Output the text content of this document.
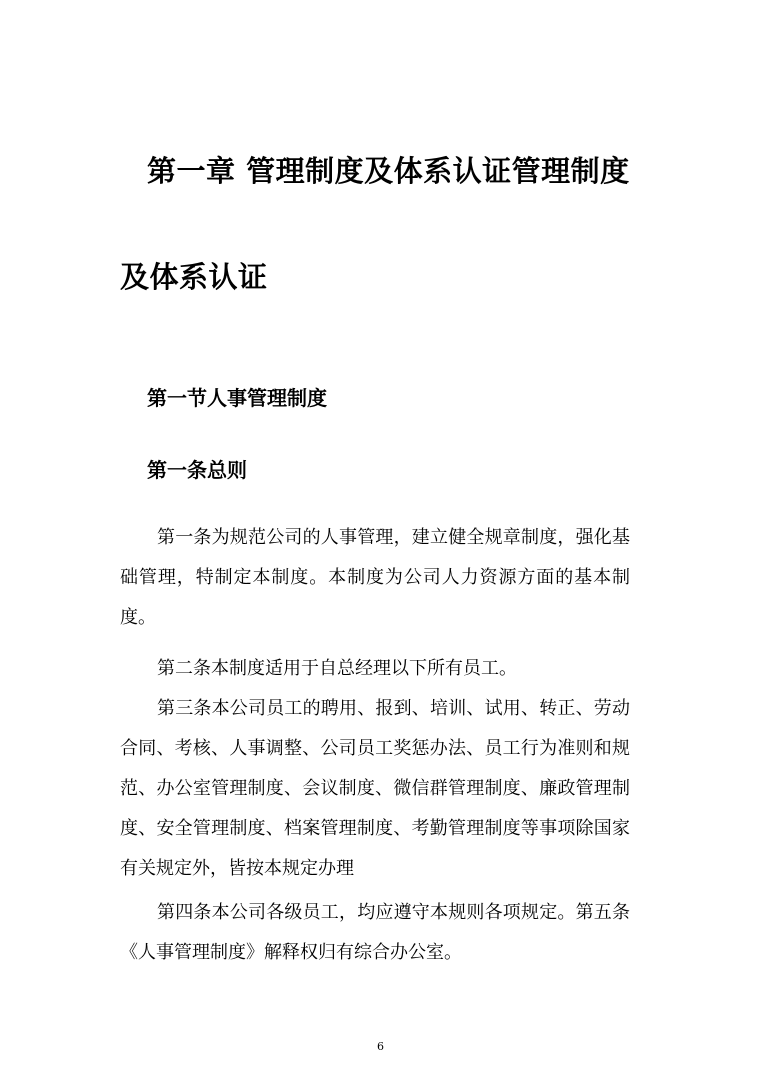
第一章 管理制度及体系认证管理制度
及体系认证
第一节人事管理制度
第一条总则

第一条为规范公司的人事管理，建立健全规章制度，强化基础管理，特制定本制度。本制度为公司人力资源方面的基本制度。

第二条本制度适用于自总经理以下所有员工。

第三条本公司员工的聘用、报到、培训、试用、转正、劳动合同、考核、人事调整、公司员工奖惩办法、员工行为准则和规范、办公室管理制度、会议制度、微信群管理制度、廉政管理制度、安全管理制度、档案管理制度、考勤管理制度等事项除国家有关规定外，皆按本规定办理

第四条本公司各级员工，均应遵守本规则各项规定。第五条《人事管理制度》解释权归有综合办公室。

6
